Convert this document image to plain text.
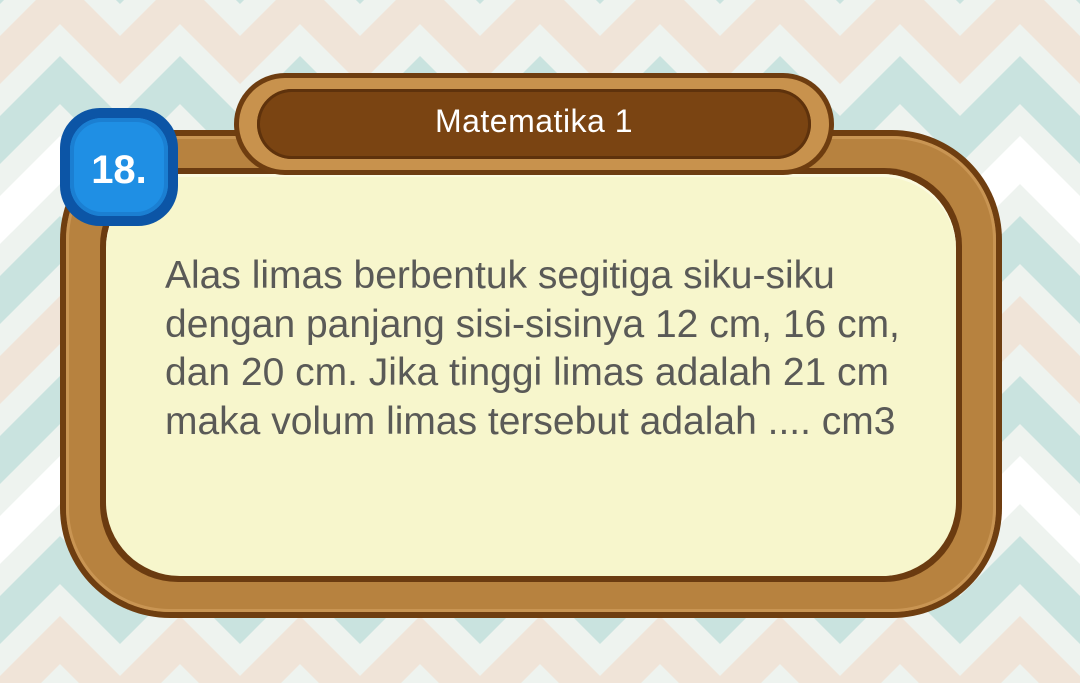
Matematika 1
18.
Alas limas berbentuk segitiga siku-siku dengan panjang sisi-sisinya 12 cm, 16 cm, dan 20 cm. Jika tinggi limas adalah 21 cm maka volum limas tersebut adalah .... cm3
